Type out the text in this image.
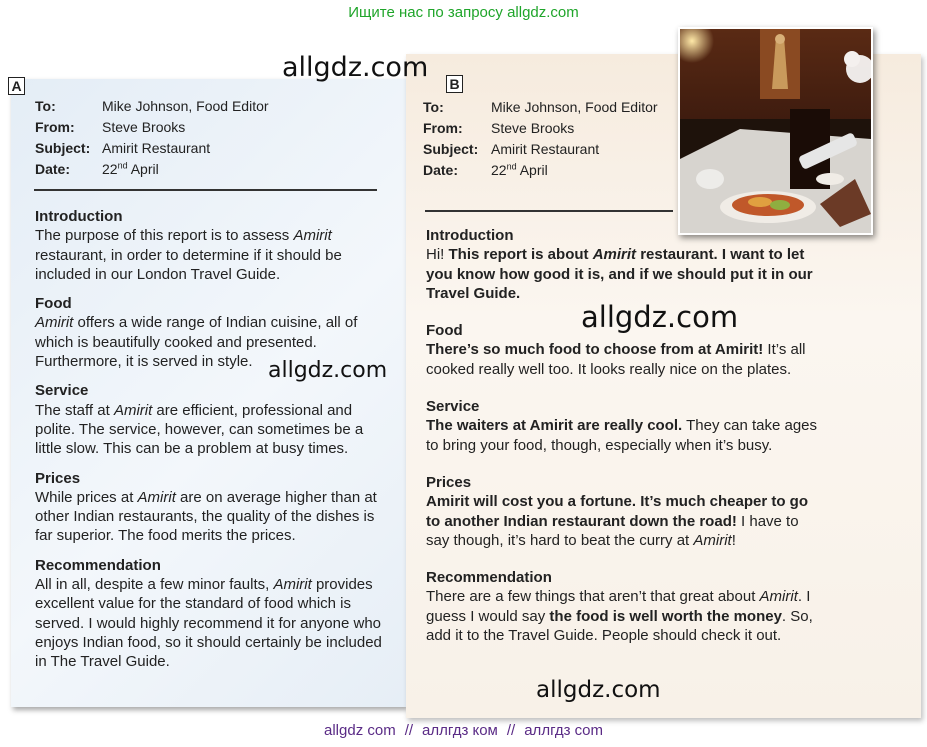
Ищите нас по запросу allgdz.com
A
To:	Mike Johnson, Food Editor
From: Steve Brooks
Subject: Amirit Restaurant
Date: 22nd April
Introduction

The purpose of this report is to assess Amirit restaurant, in order to determine if it should be included in our London Travel Guide.

Food

Amirit offers a wide range of Indian cuisine, all of which is beautifully cooked and presented. Furthermore, it is served in style.

Service

The staff at Amirit are efficient, professional and polite. The service, however, can sometimes be a little slow. This can be a problem at busy times.

Prices

While prices at Amirit are on average higher than at other Indian restaurants, the quality of the dishes is far superior. The food merits the prices.

Recommendation

All in all, despite a few minor faults, Amirit provides excellent value for the standard of food which is served. I would highly recommend it for anyone who enjoys Indian food, so it should certainly be included in The Travel Guide.

B
To:	Mike Johnson, Food Editor
From: Steve Brooks
Subject: Amirit Restaurant
Date: 22nd April
Introduction

Hi! This report is about Amirit restaurant. I want to let you know how good it is, and if we should put it in our Travel Guide.

Food

There’s so much food to choose from at Amirit! It’s all cooked really well too. It looks really nice on the plates.

Service

The waiters at Amirit are really cool. They can take ages to bring your food, though, especially when it’s busy.

Prices

Amirit will cost you a fortune. It’s much cheaper to go to another Indian restaurant down the road! I have to say though, it’s hard to beat the curry at Amirit!

Recommendation

There are a few things that aren’t that great about Amirit. I guess I would say the food is well worth the money. So, add it to the Travel Guide. People should check it out.

allgdz.com
allgdz.com
allgdz.com
allgdz.com
allgdz com // аллгдз ком // аллгдз com
